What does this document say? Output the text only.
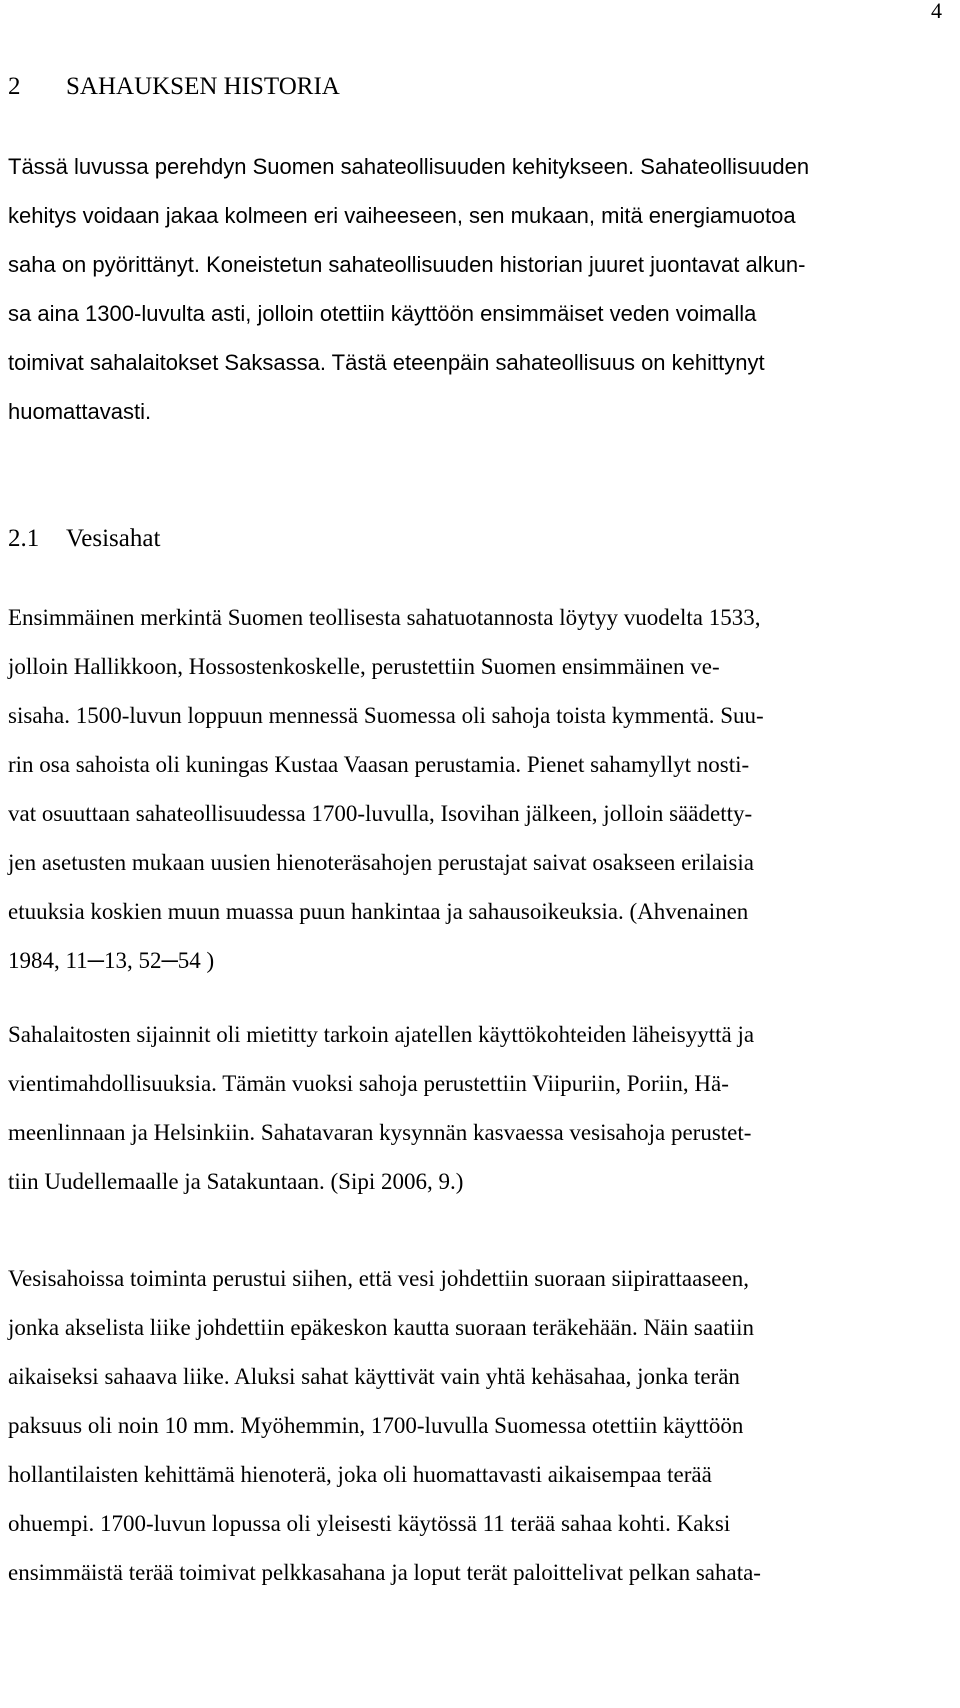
4
2 SAHAUKSEN HISTORIA
Tässä luvussa perehdyn Suomen sahateollisuuden kehitykseen. Sahateollisuuden
kehitys voidaan jakaa kolmeen eri vaiheeseen, sen mukaan, mitä energiamuotoa
saha on pyörittänyt. Koneistetun sahateollisuuden historian juuret juontavat alkun-
sa aina 1300-luvulta asti, jolloin otettiin käyttöön ensimmäiset veden voimalla
toimivat sahalaitokset Saksassa. Tästä eteenpäin sahateollisuus on kehittynyt
huomattavasti.
2.1 Vesisahat
Ensimmäinen merkintä Suomen teollisesta sahatuotannosta löytyy vuodelta 1533,
jolloin Hallikkoon, Hossostenkoskelle, perustettiin Suomen ensimmäinen ve-
sisaha. 1500-luvun loppuun mennessä Suomessa oli sahoja toista kymmentä. Suu-
rin osa sahoista oli kuningas Kustaa Vaasan perustamia. Pienet sahamyllyt nosti-
vat osuuttaan sahateollisuudessa 1700-luvulla, Isovihan jälkeen, jolloin säädetty-
jen asetusten mukaan uusien hienoteräsahojen perustajat saivat osakseen erilaisia
etuuksia koskien muun muassa puun hankintaa ja sahausoikeuksia. (Ahvenainen
1984, 11─13, 52─54 )
Sahalaitosten sijainnit oli mietitty tarkoin ajatellen käyttökohteiden läheisyyttä ja
vientimahdollisuuksia. Tämän vuoksi sahoja perustettiin Viipuriin, Poriin, Hä-
meenlinnaan ja Helsinkiin. Sahatavaran kysynnän kasvaessa vesisahoja perustet-
tiin Uudellemaalle ja Satakuntaan. (Sipi 2006, 9.)
Vesisahoissa toiminta perustui siihen, että vesi johdettiin suoraan siipirattaaseen,
jonka akselista liike johdettiin epäkeskon kautta suoraan teräkehään. Näin saatiin
aikaiseksi sahaava liike. Aluksi sahat käyttivät vain yhtä kehäsahaa, jonka terän
paksuus oli noin 10 mm. Myöhemmin, 1700-luvulla Suomessa otettiin käyttöön
hollantilaisten kehittämä hienoterä, joka oli huomattavasti aikaisempaa terää
ohuempi. 1700-luvun lopussa oli yleisesti käytössä 11 terää sahaa kohti. Kaksi
ensimmäistä terää toimivat pelkkasahana ja loput terät paloittelivat pelkan sahata-
